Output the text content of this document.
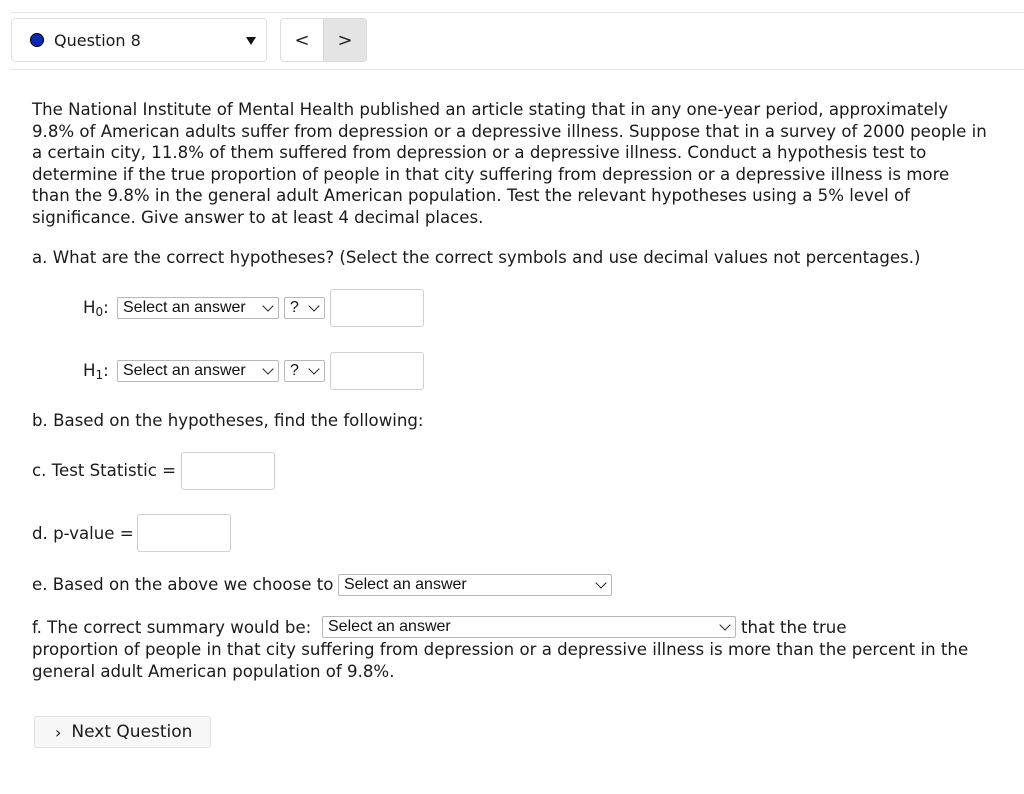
Question 8	<	>
The National Institute of Mental Health published an article stating that in any one-year period, approximately 9.8% of American adults suffer from depression or a depressive illness. Suppose that in a survey of 2000 people in a certain city, 11.8% of them suffered from depression or a depressive illness. Conduct a hypothesis test to determine if the true proportion of people in that city suffering from depression or a depressive illness is more than the 9.8% in the general adult American population. Test the relevant hypotheses using a 5% level of significance. Give answer to at least 4 decimal places.
a. What are the correct hypotheses? (Select the correct symbols and use decimal values not percentages.)
$H_0$: Select an answer	?
$H_1$: Select an answer	?
b. Based on the hypotheses, find the following:
c. Test Statistic =
d. p-value =
e. Based on the above we choose to Select an answer
f. The correct summary would be:	Select an answer	that the true
proportion of people in that city suffering from depression or a depressive illness is more than the percent in the general adult American population of 9.8%.
› Next Question
